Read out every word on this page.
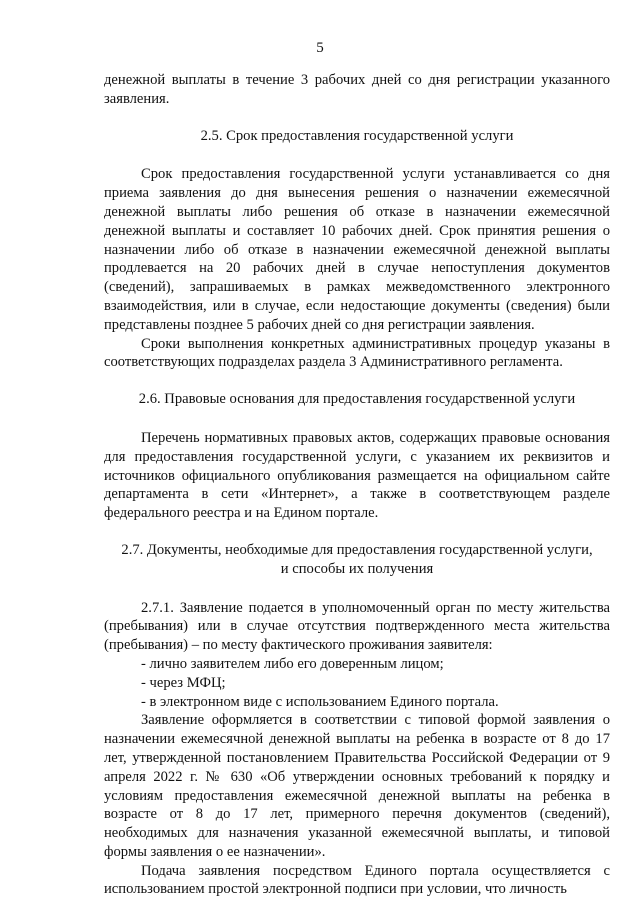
5

денежной выплаты в течение 3 рабочих дней со дня регистрации указанного заявления.

2.5. Срок предоставления государственной услуги

Срок предоставления государственной услуги устанавливается со дня приема заявления до дня вынесения решения о назначении ежемесячной денежной выплаты либо решения об отказе в назначении ежемесячной денежной выплаты и составляет 10 рабочих дней. Срок принятия решения о назначении либо об отказе в назначении ежемесячной денежной выплаты продлевается на 20 рабочих дней в случае непоступления документов (сведений), запрашиваемых в рамках межведомственного электронного взаимодействия, или в случае, если недостающие документы (сведения) были представлены позднее 5 рабочих дней со дня регистрации заявления.

Сроки выполнения конкретных административных процедур указаны в соответствующих подразделах раздела 3 Административного регламента.

2.6. Правовые основания для предоставления государственной услуги

Перечень нормативных правовых актов, содержащих правовые основания для предоставления государственной услуги, с указанием их реквизитов и источников официального опубликования размещается на официальном сайте департамента в сети «Интернет», а также в соответствующем разделе федерального реестра и на Едином портале.

2.7. Документы, необходимые для предоставления государственной услуги,

и способы их получения

2.7.1. Заявление подается в уполномоченный орган по месту жительства (пребывания) или в случае отсутствия подтвержденного места жительства (пребывания) – по месту фактического проживания заявителя:

- лично заявителем либо его доверенным лицом;

- через МФЦ;

- в электронном виде с использованием Единого портала.

Заявление оформляется в соответствии с типовой формой заявления о назначении ежемесячной денежной выплаты на ребенка в возрасте от 8 до 17 лет, утвержденной постановлением Правительства Российской Федерации от 9 апреля 2022 г. № 630 «Об утверждении основных требований к порядку и условиям предоставления ежемесячной денежной выплаты на ребенка в возрасте от 8 до 17 лет, примерного перечня документов (сведений), необходимых для назначения указанной ежемесячной выплаты, и типовой формы заявления о ее назначении».

Подача заявления посредством Единого портала осуществляется с использованием простой электронной подписи при условии, что личность
